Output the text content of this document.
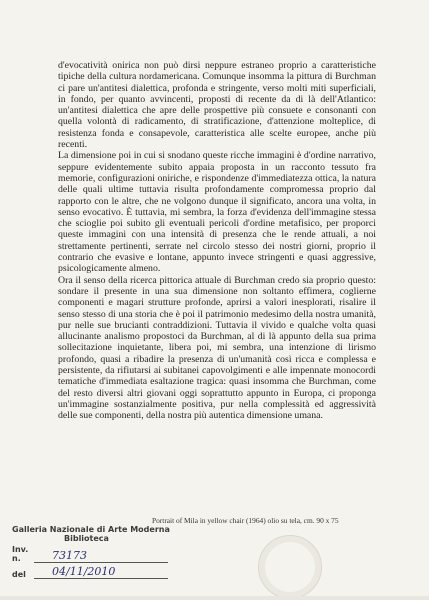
d'evocatività onirica non può dirsi neppure estraneo proprio a caratteristiche tipiche della cultura nordamericana. Comunque insomma la pittura di Burchman ci pare un'antitesi dialettica, profonda e stringente, verso molti miti superficiali, in fondo, per quanto avvincenti, proposti di recente da di là dell'Atlantico: un'antitesi dialettica che apre delle prospettive più consuete e consonanti con quella volontà di radicamento, di stratificazione, d'attenzione molteplice, di resistenza fonda e consapevole, caratteristica alle scelte europee, anche più recenti.

La dimensione poi in cui si snodano queste ricche immagini è d'ordine narrativo, seppure evidentemente subito appaia proposta in un racconto tessuto fra memorie, configurazioni oniriche, e rispondenze d'immediatezza ottica, la natura delle quali ultime tuttavia risulta profondamente compromessa proprio dal rapporto con le altre, che ne volgono dunque il significato, ancora una volta, in senso evocativo. È tuttavia, mi sembra, la forza d'evidenza dell'immagine stessa che scioglie poi subito gli eventuali pericoli d'ordine metafisico, per proporci queste immagini con una intensità di presenza che le rende attuali, a noi strettamente pertinenti, serrate nel circolo stesso dei nostri giorni, proprio il contrario che evasive e lontane, appunto invece stringenti e quasi aggressive, psicologicamente almeno.

Ora il senso della ricerca pittorica attuale di Burchman credo sia proprio questo: sondare il presente in una sua dimensione non soltanto effimera, coglierne componenti e magari strutture profonde, aprirsi a valori inesplorati, risalire il senso stesso di una storia che è poi il patrimonio medesimo della nostra umanità, pur nelle sue brucianti contraddizioni. Tuttavia il vivido e qualche volta quasi allucinante analismo propostoci da Burchman, al di là appunto della sua prima sollecitazione inquietante, libera poi, mi sembra, una intenzione di lirismo profondo, quasi a ribadire la presenza di un'umanità così ricca e complessa e persistente, da rifiutarsi ai subitanei capovolgimenti e alle impennate monocordi tematiche d'immediata esaltazione tragica: quasi insomma che Burchman, come del resto diversi altri giovani oggi soprattutto appunto in Europa, ci proponga un'immagine sostanzialmente positiva, pur nella complessità ed aggressività delle sue componenti, della nostra più autentica dimensione umana.

Portrait of Mila in yellow chair (1964) olio su tela, cm. 90 x 75
Galleria Nazionale di Arte Moderna
Biblioteca
Inv. n.	73173
del	04/11/2010
